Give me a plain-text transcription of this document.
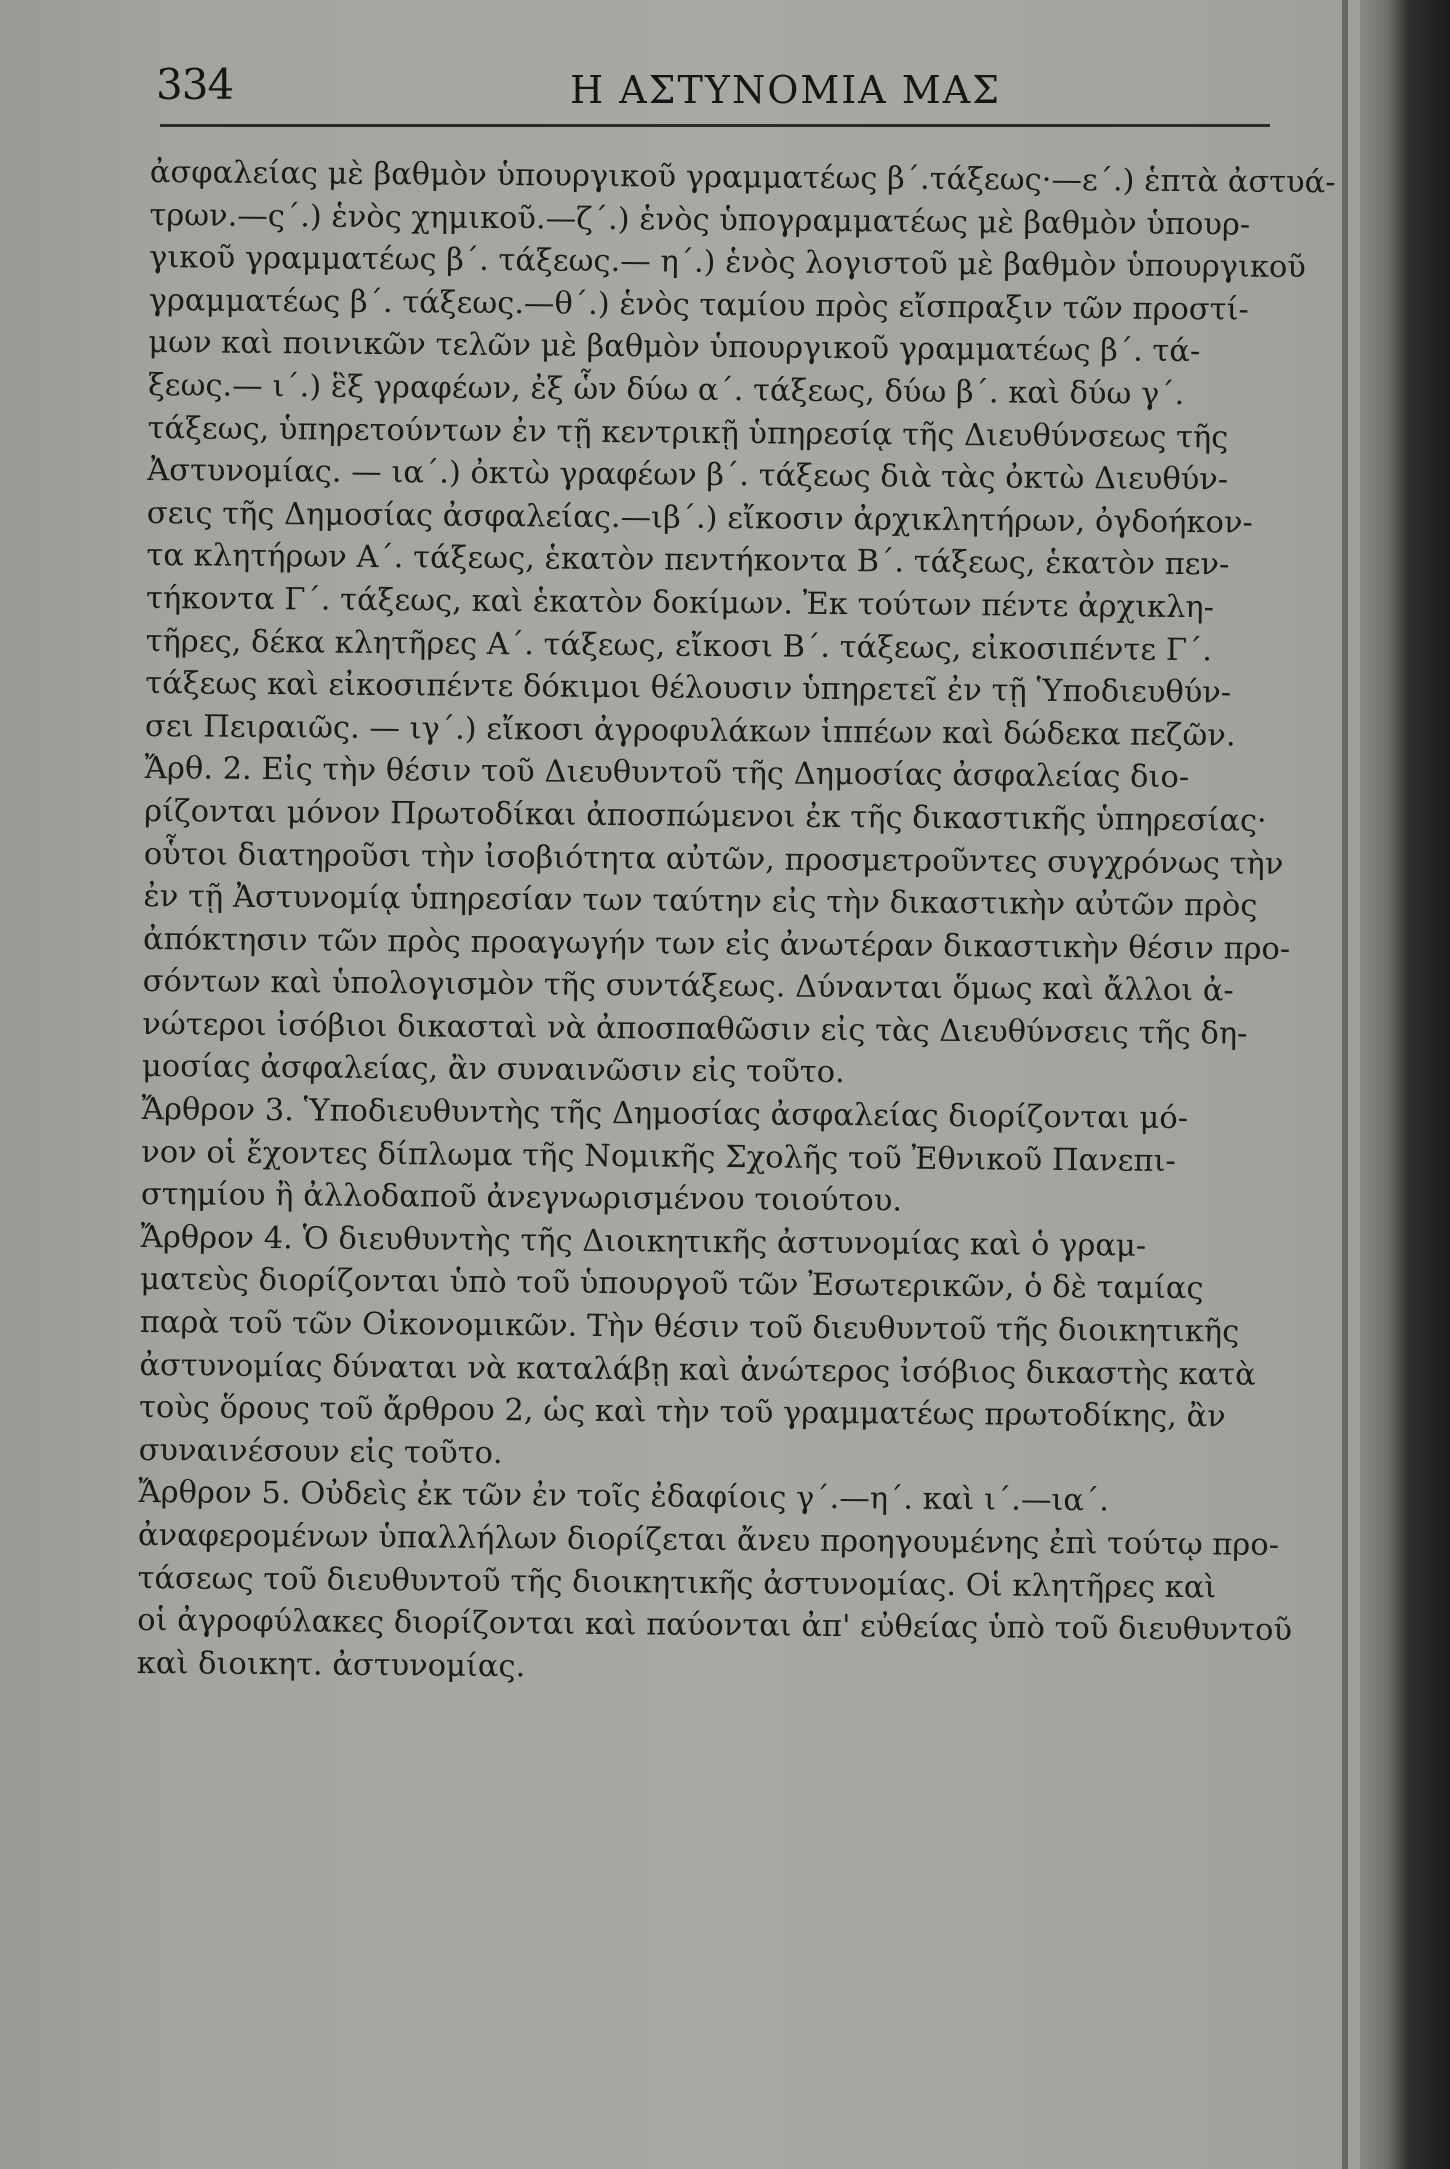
334	Η ΑΣΤΥΝΟΜΙΑ ΜΑΣ
ἀσφαλείας μὲ βαθμὸν ὑπουργικοῦ γραμματέως β΄.τάξεως·—ε΄.) ἑπτὰ ἀστυά-
τρων.—ς΄.) ἑνὸς χημικοῦ.—ζ΄.) ἑνὸς ὑπογραμματέως μὲ βαθμὸν ὑπουρ-
γικοῦ γραμματέως β΄. τάξεως.— η΄.) ἑνὸς λογιστοῦ μὲ βαθμὸν ὑπουργικοῦ
γραμματέως β΄. τάξεως.—θ΄.) ἑνὸς ταμίου πρὸς εἴσπραξιν τῶν προστί-
μων καὶ ποινικῶν τελῶν μὲ βαθμὸν ὑπουργικοῦ γραμματέως β΄. τά-
ξεως.— ι΄.) ἓξ γραφέων, ἐξ ὧν δύω α΄. τάξεως, δύω β΄. καὶ δύω γ΄.
τάξεως, ὑπηρετούντων ἐν τῇ κεντρικῇ ὑπηρεσίᾳ τῆς Διευθύνσεως τῆς
Ἀστυνομίας. — ια΄.) ὀκτὼ γραφέων β΄. τάξεως διὰ τὰς ὀκτὼ Διευθύν-
σεις τῆς Δημοσίας ἀσφαλείας.—ιβ΄.) εἴκοσιν ἀρχικλητήρων, ὀγδοήκον-
τα κλητήρων Α΄. τάξεως, ἑκατὸν πεντήκοντα Β΄. τάξεως, ἑκατὸν πεν-
τήκοντα Γ΄. τάξεως, καὶ ἑκατὸν δοκίμων. Ἐκ τούτων πέντε ἀρχικλη-
τῆρες, δέκα κλητῆρες Α΄. τάξεως, εἴκοσι Β΄. τάξεως, εἰκοσιπέντε Γ΄.
τάξεως καὶ εἰκοσιπέντε δόκιμοι θέλουσιν ὑπηρετεῖ ἐν τῇ Ὑποδιευθύν-
σει Πειραιῶς. — ιγ΄.) εἴκοσι ἀγροφυλάκων ἱππέων καὶ δώδεκα πεζῶν.
Ἄρθ. 2. Εἰς τὴν θέσιν τοῦ Διευθυντοῦ τῆς Δημοσίας ἀσφαλείας διο-
ρίζονται μόνον Πρωτοδίκαι ἀποσπώμενοι ἐκ τῆς δικαστικῆς ὑπηρεσίας·
οὗτοι διατηροῦσι τὴν ἰσοβιότητα αὐτῶν, προσμετροῦντες συγχρόνως τὴν
ἐν τῇ Ἀστυνομίᾳ ὑπηρεσίαν των ταύτην εἰς τὴν δικαστικὴν αὐτῶν πρὸς
ἀπόκτησιν τῶν πρὸς προαγωγήν των εἰς ἀνωτέραν δικαστικὴν θέσιν προ-
σόντων καὶ ὑπολογισμὸν τῆς συντάξεως. Δύνανται ὅμως καὶ ἄλλοι ἀ-
νώτεροι ἰσόβιοι δικασταὶ νὰ ἀποσπαθῶσιν εἰς τὰς Διευθύνσεις τῆς δη-
μοσίας ἀσφαλείας, ἂν συναινῶσιν εἰς τοῦτο.
Ἄρθρον 3. Ὑποδιευθυντὴς τῆς Δημοσίας ἀσφαλείας διορίζονται μό-
νον οἱ ἔχοντες δίπλωμα τῆς Νομικῆς Σχολῆς τοῦ Ἐθνικοῦ Πανεπι-
στημίου ἢ ἀλλοδαποῦ ἀνεγνωρισμένου τοιούτου.
Ἄρθρον 4. Ὁ διευθυντὴς τῆς Διοικητικῆς ἀστυνομίας καὶ ὁ γραμ-
ματεὺς διορίζονται ὑπὸ τοῦ ὑπουργοῦ τῶν Ἐσωτερικῶν, ὁ δὲ ταμίας
παρὰ τοῦ τῶν Οἰκονομικῶν. Τὴν θέσιν τοῦ διευθυντοῦ τῆς διοικητικῆς
ἀστυνομίας δύναται νὰ καταλάβῃ καὶ ἀνώτερος ἰσόβιος δικαστὴς κατὰ
τοὺς ὅρους τοῦ ἄρθρου 2, ὡς καὶ τὴν τοῦ γραμματέως πρωτοδίκης, ἂν
συναινέσουν εἰς τοῦτο.
Ἄρθρον 5. Οὐδεὶς ἐκ τῶν ἐν τοῖς ἐδαφίοις γ΄.—η΄. καὶ ι΄.—ια΄.
ἀναφερομένων ὑπαλλήλων διορίζεται ἄνευ προηγουμένης ἐπὶ τούτῳ προ-
τάσεως τοῦ διευθυντοῦ τῆς διοικητικῆς ἀστυνομίας. Οἱ κλητῆρες καὶ
οἱ ἀγροφύλακες διορίζονται καὶ παύονται ἀπ' εὐθείας ὑπὸ τοῦ διευθυντοῦ
καὶ διοικητ. ἀστυνομίας.
